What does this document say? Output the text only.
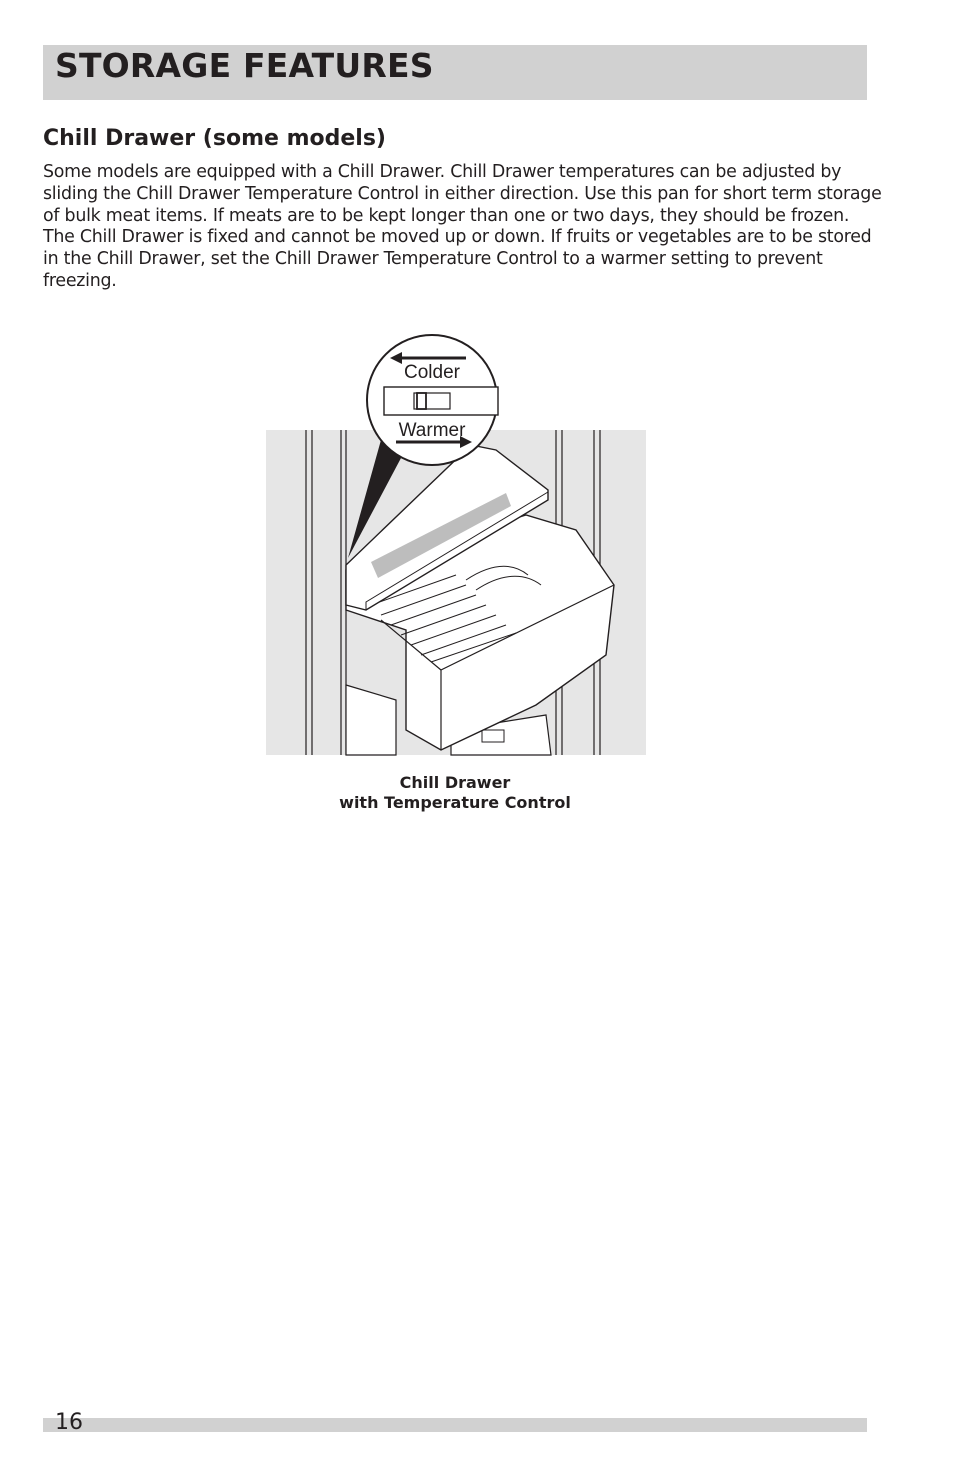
STORAGE FEATURES
Chill Drawer (some models)

Some models are equipped with a Chill Drawer. Chill Drawer temperatures can be adjusted by sliding the Chill Drawer Temperature Control in either direction. Use this pan for short term storage of bulk meat items. If meats are to be kept longer than one or two days, they should be frozen. The Chill Drawer is fixed and cannot be moved up or down. If fruits or vegetables are to be stored in the Chill Drawer, set the Chill Drawer Temperature Control to a warmer setting to prevent freezing.

Colder
Warmer
Chill Drawer
with Temperature Control
16
